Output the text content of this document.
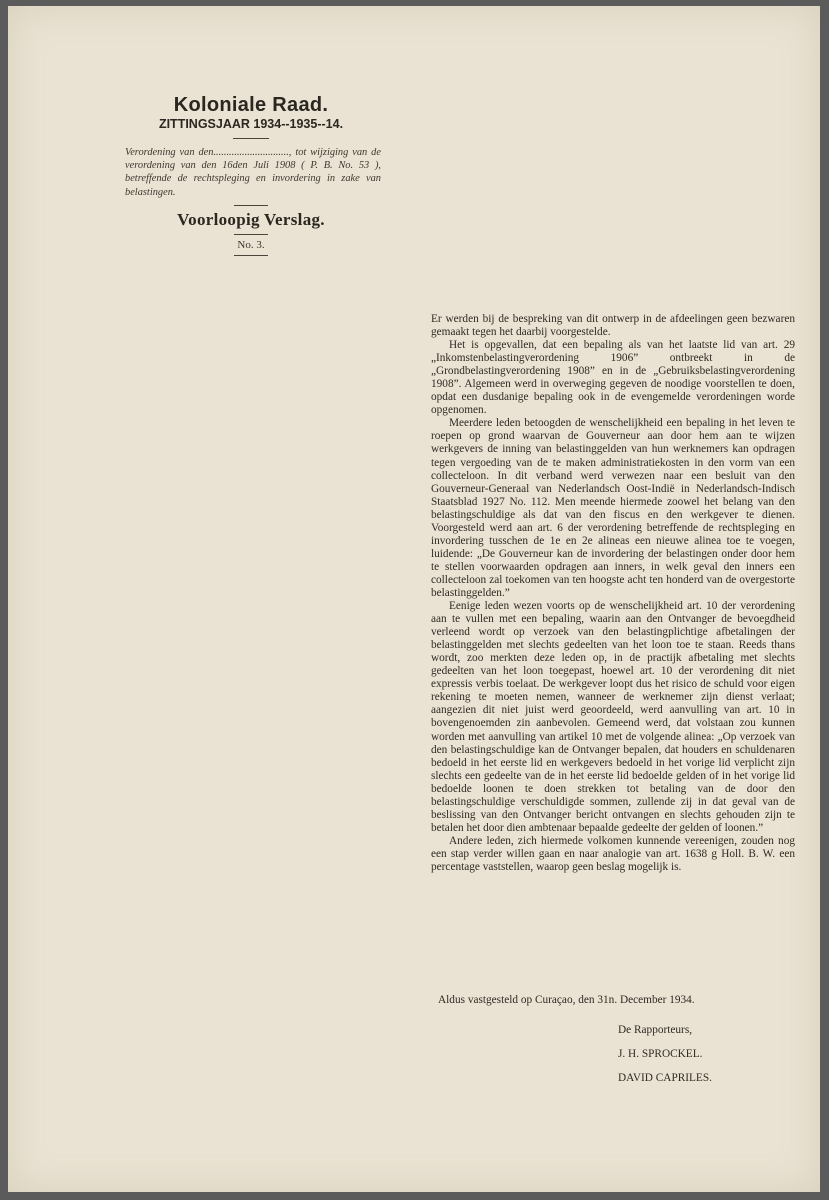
Koloniale Raad.
ZITTINGSJAAR 1934--1935--14.
Verordening van den............................., tot wijziging van de verordening van den 16den Juli 1908 ( P. B. No. 53 ), betreffende de rechtspleging en invordering in zake van belastingen.
Voorloopig Verslag.
No. 3.

Er werden bij de bespreking van dit ontwerp in de afdeelingen geen bezwaren gemaakt tegen het daarbij voorgestelde.

Het is opgevallen, dat een bepaling als van het laatste lid van art. 29 „Inkomstenbelastingverordening 1906” ontbreekt in de „Grondbelastingverordening 1908” en in de „Gebruiksbelastingverordening 1908”. Algemeen werd in overweging gegeven de noodige voorstellen te doen, opdat een dusdanige bepaling ook in de evengemelde verordeningen worde opgenomen.

Meerdere leden betoogden de wenschelijkheid een bepaling in het leven te roepen op grond waarvan de Gouverneur aan door hem aan te wijzen werkgevers de inning van belastinggelden van hun werknemers kan opdragen tegen vergoeding van de te maken administratiekosten in den vorm van een collecteloon. In dit verband werd verwezen naar een besluit van den Gouverneur-Generaal van Nederlandsch Oost-Indië in Nederlandsch-Indisch Staatsblad 1927 No. 112. Men meende hiermede zoowel het belang van den belastingschuldige als dat van den fiscus en den werkgever te dienen. Voorgesteld werd aan art. 6 der verordening betreffende de rechtspleging en invordering tusschen de 1e en 2e alineas een nieuwe alinea toe te voegen, luidende: „De Gouverneur kan de invordering der belastingen onder door hem te stellen voorwaarden opdragen aan inners, in welk geval den inners een collecteloon zal toekomen van ten hoogste acht ten honderd van de overgestorte belastinggelden.”

Eenige leden wezen voorts op de wenschelijkheid art. 10 der verordening aan te vullen met een bepaling, waarin aan den Ontvanger de bevoegdheid verleend wordt op verzoek van den belastingplichtige afbetalingen der belastinggelden met slechts gedeelten van het loon toe te staan. Reeds thans wordt, zoo merkten deze leden op, in de practijk afbetaling met slechts gedeelten van het loon toegepast, hoewel art. 10 der verordening dit niet expressis verbis toelaat. De werkgever loopt dus het risico de schuld voor eigen rekening te moeten nemen, wanneer de werknemer zijn dienst verlaat; aangezien dit niet juist werd geoordeeld, werd aanvulling van art. 10 in bovengenoemden zin aanbevolen. Gemeend werd, dat volstaan zou kunnen worden met aanvulling van artikel 10 met de volgende alinea: „Op verzoek van den belastingschuldige kan de Ontvanger bepalen, dat houders en schuldenaren bedoeld in het eerste lid en werkgevers bedoeld in het vorige lid verplicht zijn slechts een gedeelte van de in het eerste lid bedoelde gelden of in het vorige lid bedoelde loonen te doen strekken tot betaling van de door den belastingschuldige verschuldigde sommen, zullende zij in dat geval van de beslissing van den Ontvanger bericht ontvangen en slechts gehouden zijn te betalen het door dien ambtenaar bepaalde gedeelte der gelden of loonen.”

Andere leden, zich hiermede volkomen kunnende vereenigen, zouden nog een stap verder willen gaan en naar analogie van art. 1638 g Holl. B. W. een percentage vaststellen, waarop geen beslag mogelijk is.

Aldus vastgesteld op Curaçao, den 31n. December 1934.
De Rapporteurs,
J. H. SPROCKEL.
DAVID CAPRILES.
